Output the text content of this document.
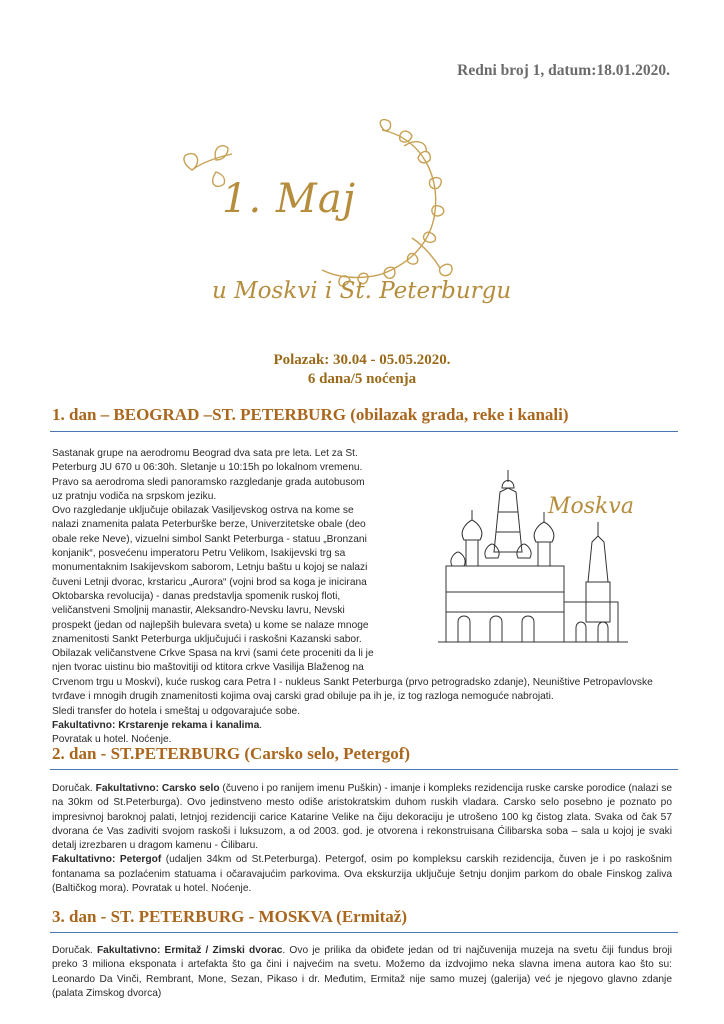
Redni broj 1, datum:18.01.2020.
1. Maj
u Moskvi i St. Peterburgu
Polazak: 30.04 - 05.05.2020.
6 dana/5 noćenja
1. dan – BEOGRAD –ST. PETERBURG (obilazak grada, reke i kanali)

Sastanak grupe na aerodromu Beograd dva sata pre leta. Let za St.

Peterburg JU 670 u 06:30h. Sletanje u 10:15h po lokalnom vremenu.

Pravo sa aerodroma sledi panoramsko razgledanje grada autobusom

uz pratnju vodiča na srpskom jeziku.

Ovo razgledanje uključuje obilazak Vasiljevskog ostrva na kome se

nalazi znamenita palata Peterburške berze, Univerzitetske obale (deo

obale reke Neve), vizuelni simbol Sankt Peterburga - statuu „Bronzani

konjanik“, posvećenu imperatoru Petru Velikom, Isakijevski trg sa

monumentaknim Isakijevskom saborom, Letnju baštu u kojoj se nalazi

čuveni Letnji dvorac, krstaricu „Aurora“ (vojni brod sa koga je inicirana

Oktobarska revolucija) - danas predstavlja spomenik ruskoj floti,

veličanstveni Smoljnij manastir, Aleksandro-Nevsku lavru, Nevski

prospekt (jedan od najlepših bulevara sveta) u kome se nalaze mnoge

znamenitosti Sankt Peterburga uključujući i raskošni Kazanski sabor.

Obilazak veličanstvene Crkve Spasa na krvi (sami ćete proceniti da li je

njen tvorac uistinu bio maštovitiji od ktitora crkve Vasilija Blaženog na

Crvenom trgu u Moskvi), kuće ruskog cara Petra I - nukleus Sankt Peterburga (prvo petrogradsko zdanje), Neuništive Petropavlovske

tvrđave i mnogih drugih znamenitosti kojima ovaj carski grad obiluje pa ih je, iz tog razloga nemoguće nabrojati.

Sledi transfer do hotela i smeštaj u odgovarajuće sobe.

Fakultativno: Krstarenje rekama i kanalima.

Povratak u hotel. Noćenje.

Moskva
2. dan - ST.PETERBURG (Carsko selo, Petergof)

Doručak. Fakultativno: Carsko selo (čuveno i po ranijem imenu Puškin) - imanje i kompleks rezidencija ruske carske porodice (nalazi se na 30km od St.Peterburga). Ovo jedinstveno mesto odiše aristokratskim duhom ruskih vladara. Carsko selo posebno je poznato po impresivnoj baroknoj palati, letnjoj rezidenciji carice Katarine Velike na čiju dekoraciju je utrošeno 100 kg čistog zlata. Svaka od čak 57 dvorana će Vas zadiviti svojom raskoši i luksuzom, a od 2003. god. je otvorena i rekonstruisana Ćilibarska soba – sala u kojoj je svaki detalj izrezbaren u dragom kamenu - Ćilibaru.

Fakultativno: Petergof (udaljen 34km od St.Peterburga). Petergof, osim po kompleksu carskih rezidencija, čuven je i po raskošnim fontanama sa pozlaćenim statuama i očaravajućim parkovima. Ova ekskurzija uključuje šetnju donjim parkom do obale Finskog zaliva (Baltičkog mora). Povratak u hotel. Noćenje.

3. dan - ST. PETERBURG - MOSKVA (Ermitaž)

Doručak. Fakultativno: Ermitaž / Zimski dvorac. Ovo je prilika da obiđete jedan od tri najčuvenija muzeja na svetu čiji fundus broji preko 3 miliona eksponata i artefakta što ga čini i najvećim na svetu. Možemo da izdvojimo neka slavna imena autora kao što su: Leonardo Da Vinči, Rembrant, Mone, Sezan, Pikaso i dr. Međutim, Ermitaž nije samo muzej (galerija) već je njegovo glavno zdanje (palata Zimskog dvorca)
